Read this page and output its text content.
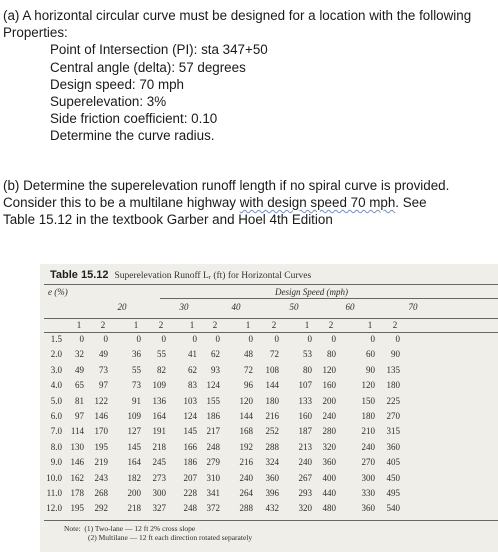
(a) A horizontal circular curve must be designed for a location with the following
Properties:
Point of Intersection (PI): sta 347+50
Central angle (delta): 57 degrees
Design speed: 70 mph
Superelevation: 3%
Side friction coefficient: 0.10
Determine the curve radius.
(b) Determine the superelevation runoff length if no spiral curve is provided.
Consider this to be a multilane highway with design speed 70 mph. See
Table 15.12 in the textbook Garber and Hoel 4th Edition
Table 15.12 Superelevation Runoff Lᵣ (ft) for Horizontal Curves
e (%)	Design Speed (mph)
20	30	40	50	60	70
1	2	1	2	1	2	1	2	1	2	1	2
1.5	0	0	0	0	0	0	0	0	0	0	0	0
2.0	32	49	36	55	41	62	48	72	53	80	60	90
3.0	49	73	55	82	62	93	72	108	80	120	90	135
4.0	65	97	73	109	83	124	96	144	107	160	120	180
5.0	81	122	91	136	103	155	120	180	133	200	150	225
6.0	97	146	109	164	124	186	144	216	160	240	180	270
7.0 114	170	127	191	145	217	168	252	187	280	210	315
8.0 130	195	145	218	166	248	192	288	213	320	240	360
9.0 146	219	164	245	186	279	216	324	240	360	270	405
10.0 162	243	182	273	207	310	240	360	267	400	300	450
11.0 178	268	200	300	228	341	264	396	293	440	330	495
12.0 195	292	218	327	248	372	288	432	320	480	360	540
Note: (1) Two-lane — 12 ft 2% cross slope
(2) Multilane — 12 ft each direction rotated separately
